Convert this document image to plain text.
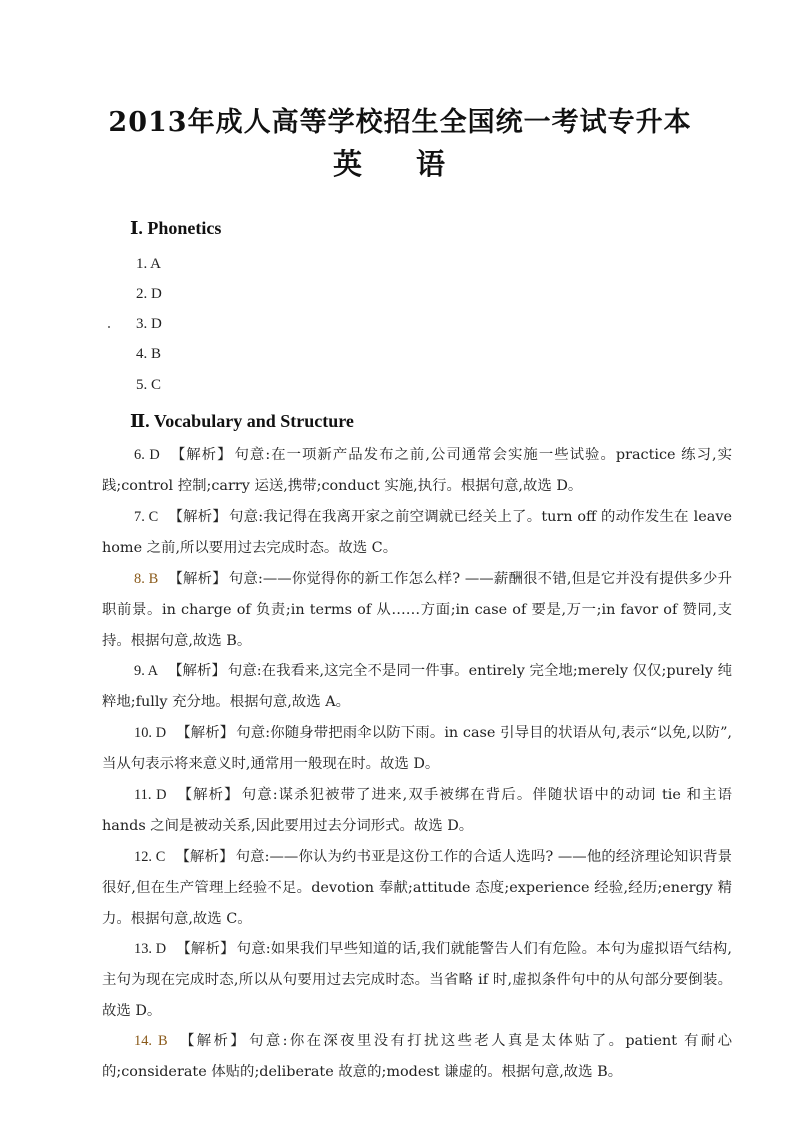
2013年成人高等学校招生全国统一考试专升本
英 语
Ⅰ. Phonetics
1. A
2. D
3. D
4. B
5. C
Ⅱ. Vocabulary and Structure
6. D 【解析】 句意:在一项新产品发布之前,公司通常会实施一些试验。practice 练习,实践;control 控制;carry 运送,携带;conduct 实施,执行。根据句意,故选 D。
7. C 【解析】 句意:我记得在我离开家之前空调就已经关上了。turn off 的动作发生在 leave home 之前,所以要用过去完成时态。故选 C。
8. B 【解析】 句意:——你觉得你的新工作怎么样? ——薪酬很不错,但是它并没有提供多少升职前景。in charge of 负责;in terms of 从……方面;in case of 要是,万一;in favor of 赞同,支持。根据句意,故选 B。
9. A 【解析】 句意:在我看来,这完全不是同一件事。entirely 完全地;merely 仅仅;purely 纯粹地;fully 充分地。根据句意,故选 A。
10. D 【解析】 句意:你随身带把雨伞以防下雨。in case 引导目的状语从句,表示“以免,以防”,当从句表示将来意义时,通常用一般现在时。故选 D。
11. D 【解析】 句意:谋杀犯被带了进来,双手被绑在背后。伴随状语中的动词 tie 和主语 hands 之间是被动关系,因此要用过去分词形式。故选 D。
12. C 【解析】 句意:——你认为约书亚是这份工作的合适人选吗? ——他的经济理论知识背景很好,但在生产管理上经验不足。devotion 奉献;attitude 态度;experience 经验,经历;energy 精力。根据句意,故选 C。
13. D 【解析】 句意:如果我们早些知道的话,我们就能警告人们有危险。本句为虚拟语气结构,主句为现在完成时态,所以从句要用过去完成时态。当省略 if 时,虚拟条件句中的从句部分要倒装。故选 D。
14. B 【解析】 句意:你在深夜里没有打扰这些老人真是太体贴了。patient 有耐心的;considerate 体贴的;deliberate 故意的;modest 谦虚的。根据句意,故选 B。
